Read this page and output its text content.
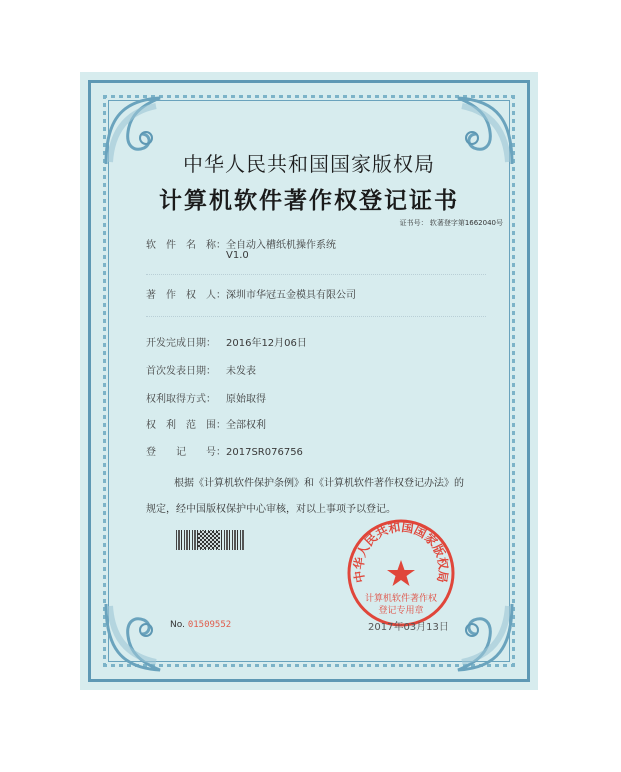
中华人民共和国国家版权局
计算机软件著作权登记证书
证书号： 软著登字第1662040号
软　件　名　称：全自动入槽纸机操作系统
V1.0
著　作　权　人：深圳市华冠五金模具有限公司
开发完成日期： 2016年12月06日
首次发表日期： 未发表
权利取得方式： 原始取得
权　利　范　围：全部权利
登　　记　　号：2017SR076756
根据《计算机软件保护条例》和《计算机软件著作权登记办法》的
规定，经中国版权保护中心审核，对以上事项予以登记。
中华人民共和国国家版权局
计算机软件著作权
登记专用章
No. 01509552	2017年03月13日
